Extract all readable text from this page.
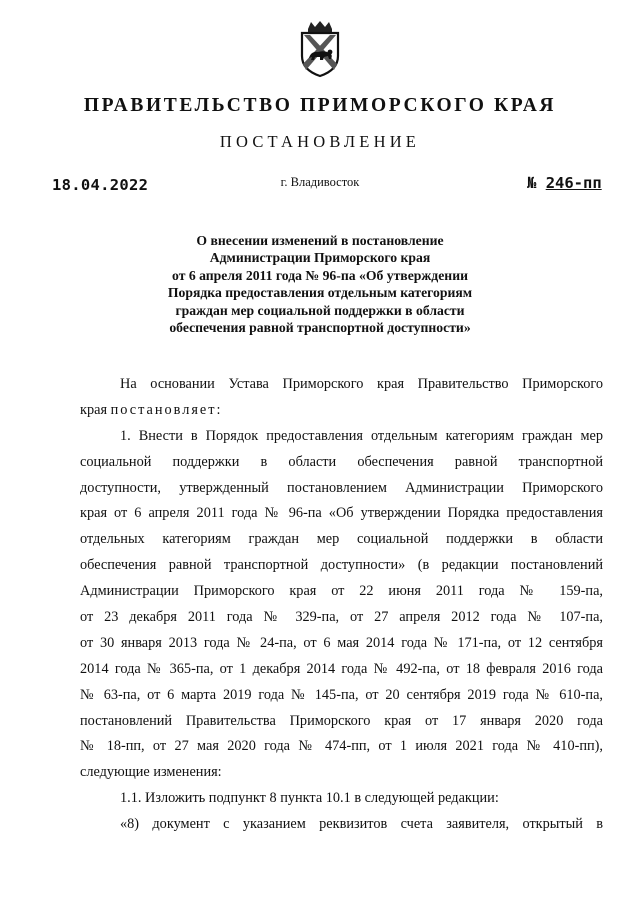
ПРАВИТЕЛЬСТВО ПРИМОРСКОГО КРАЯ
ПОСТАНОВЛЕНИЕ
18.04.2022	г. Владивосток	№ 246-пп
О внесении изменений в постановление
Администрации Приморского края
от 6 апреля 2011 года № 96-па «Об утверждении
Порядка предоставления отдельным категориям
граждан мер социальной поддержки в области
обеспечения равной транспортной доступности»
На основании Устава Приморского края Правительство Приморского
края постановляет:
1. Внести в Порядок предоставления отдельным категориям граждан мер
социальной поддержки в области обеспечения равной транспортной
доступности, утвержденный постановлением Администрации Приморского
края от 6 апреля 2011 года № 96-па «Об утверждении Порядка предоставления
отдельных категориям граждан мер социальной поддержки в области
обеспечения равной транспортной доступности» (в редакции постановлений
Администрации Приморского края от 22 июня 2011 года № 159-па,
от 23 декабря 2011 года № 329-па, от 27 апреля 2012 года № 107-па,
от 30 января 2013 года № 24-па, от 6 мая 2014 года № 171-па, от 12 сентября
2014 года № 365-па, от 1 декабря 2014 года № 492-па, от 18 февраля 2016 года
№ 63-па, от 6 марта 2019 года № 145-па, от 20 сентября 2019 года № 610-па,
постановлений Правительства Приморского края от 17 января 2020 года
№ 18-пп, от 27 мая 2020 года № 474-пп, от 1 июля 2021 года № 410-пп),
следующие изменения:
1.1. Изложить подпункт 8 пункта 10.1 в следующей редакции:
«8) документ с указанием реквизитов счета заявителя, открытый в
